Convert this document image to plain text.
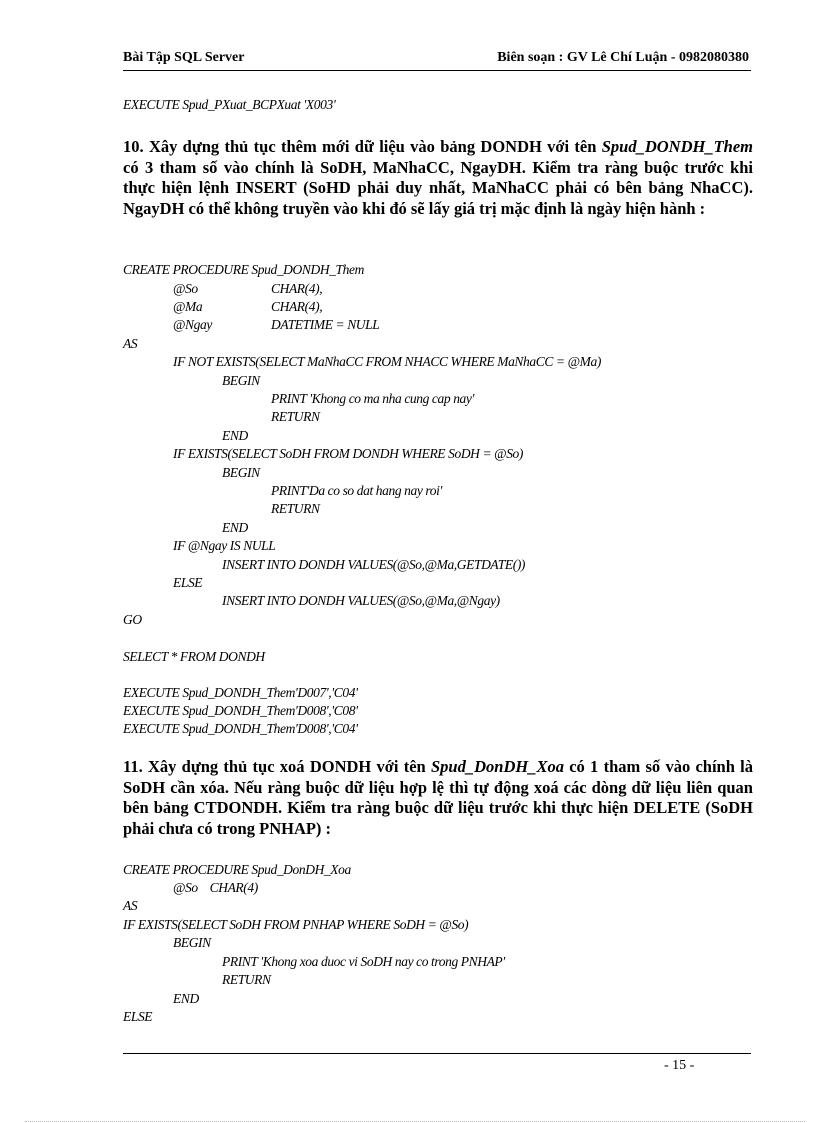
Bài Tập SQL Server	Biên soạn : GV Lê Chí Luận - 0982080380
EXECUTE Spud_PXuat_BCPXuat 'X003'
10. Xây dựng thủ tục thêm mới dữ liệu vào bảng DONDH với tên Spud_DONDH_Them có 3 tham số vào chính là SoDH, MaNhaCC, NgayDH. Kiểm tra ràng buộc trước khi thực hiện lệnh INSERT (SoHD phải duy nhất, MaNhaCC phải có bên bảng NhaCC). NgayDH có thể không truyền vào khi đó sẽ lấy giá trị mặc định là ngày hiện hành :
CREATE PROCEDURE Spud_DONDH_Them
@So	CHAR(4),
@Ma	CHAR(4),
@Ngay	DATETIME = NULL
AS
IF NOT EXISTS(SELECT MaNhaCC FROM NHACC WHERE MaNhaCC = @Ma)
BEGIN
PRINT 'Khong co ma nha cung cap nay'
RETURN
END
IF EXISTS(SELECT SoDH FROM DONDH WHERE SoDH = @So)
BEGIN
PRINT'Da co so dat hang nay roi'
RETURN
END
IF @Ngay IS NULL
INSERT INTO DONDH VALUES(@So,@Ma,GETDATE())
ELSE
INSERT INTO DONDH VALUES(@So,@Ma,@Ngay)
GO
SELECT * FROM DONDH
EXECUTE Spud_DONDH_Them'D007','C04'
EXECUTE Spud_DONDH_Them'D008','C08'
EXECUTE Spud_DONDH_Them'D008','C04'
11. Xây dựng thủ tục xoá DONDH với tên Spud_DonDH_Xoa có 1 tham số vào chính là SoDH cần xóa. Nếu ràng buộc dữ liệu hợp lệ thì tự động xoá các dòng dữ liệu liên quan bên bảng CTDONDH. Kiểm tra ràng buộc dữ liệu trước khi thực hiện DELETE (SoDH phải chưa có trong PNHAP) :
CREATE PROCEDURE Spud_DonDH_Xoa
@So    CHAR(4)
AS
IF EXISTS(SELECT SoDH FROM PNHAP WHERE SoDH = @So)
BEGIN
PRINT 'Khong xoa duoc vi SoDH nay co trong PNHAP'
RETURN
END
ELSE
- 15 -
